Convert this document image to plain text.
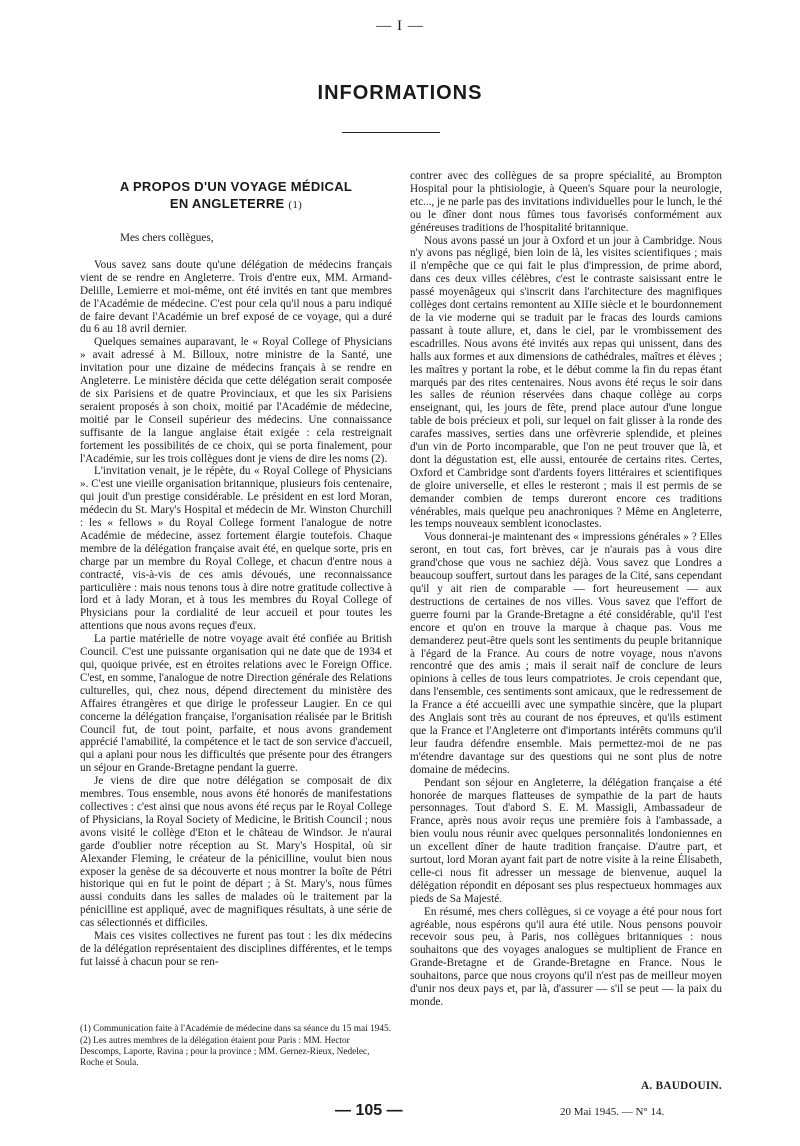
— I —
INFORMATIONS
A PROPOS D'UN VOYAGE MÉDICAL
EN ANGLETERRE (1)

Mes chers collègues,

Vous savez sans doute qu'une délégation de médecins français vient de se rendre en Angleterre. Trois d'entre eux, MM. Armand-Delille, Lemierre et moi-même, ont été invités en tant que membres de l'Académie de médecine. C'est pour cela qu'il nous a paru indiqué de faire devant l'Académie un bref exposé de ce voyage, qui a duré du 6 au 18 avril dernier.

Quelques semaines auparavant, le « Royal College of Physicians » avait adressé à M. Billoux, notre ministre de la Santé, une invitation pour une dizaine de médecins français à se rendre en Angleterre. Le ministère décida que cette délégation serait composée de six Parisiens et de quatre Provinciaux, et que les six Parisiens seraient proposés à son choix, moitié par l'Académie de médecine, moitié par le Conseil supérieur des médecins. Une connaissance suffisante de la langue anglaise était exigée : cela restreignait fortement les possibilités de ce choix, qui se porta finalement, pour l'Académie, sur les trois collègues dont je viens de dire les noms (2).

L'invitation venait, je le répète, du « Royal College of Physicians ». C'est une vieille organisation britannique, plusieurs fois centenaire, qui jouit d'un prestige considérable. Le président en est lord Moran, médecin du St. Mary's Hospital et médecin de Mr. Winston Churchill : les « fellows » du Royal College forment l'analogue de notre Académie de médecine, assez fortement élargie toutefois. Chaque membre de la délégation française avait été, en quelque sorte, pris en charge par un membre du Royal College, et chacun d'entre nous a contracté, vis-à-vis de ces amis dévoués, une reconnaissance particulière : mais nous tenons tous à dire notre gratitude collective à lord et à lady Moran, et à tous les membres du Royal College of Physicians pour la cordialité de leur accueil et pour toutes les attentions que nous avons reçues d'eux.

La partie matérielle de notre voyage avait été confiée au British Council. C'est une puissante organisation qui ne date que de 1934 et qui, quoique privée, est en étroites relations avec le Foreign Office. C'est, en somme, l'analogue de notre Direction générale des Relations culturelles, qui, chez nous, dépend directement du ministère des Affaires étrangères et que dirige le professeur Laugier. En ce qui concerne la délégation française, l'organisation réalisée par le British Council fut, de tout point, parfaite, et nous avons grandement apprécié l'amabilité, la compétence et le tact de son service d'accueil, qui a aplani pour nous les difficultés que présente pour des étrangers un séjour en Grande-Bretagne pendant la guerre.

Je viens de dire que notre délégation se composait de dix membres. Tous ensemble, nous avons été honorés de manifestations collectives : c'est ainsi que nous avons été reçus par le Royal College of Physicians, la Royal Society of Medicine, le British Council ; nous avons visité le collège d'Eton et le château de Windsor. Je n'aurai garde d'oublier notre réception au St. Mary's Hospital, où sir Alexander Fleming, le créateur de la pénicilline, voulut bien nous exposer la genèse de sa découverte et nous montrer la boîte de Pétri historique qui en fut le point de départ ; à St. Mary's, nous fûmes aussi conduits dans les salles de malades où le traitement par la pénicilline est appliqué, avec de magnifiques résultats, à une série de cas sélectionnés et difficiles.

Mais ces visites collectives ne furent pas tout : les dix médecins de la délégation représentaient des disciplines différentes, et le temps fut laissé à chacun pour se ren-

(1) Communication faite à l'Académie de médecine dans sa séance du 15 mai 1945.
(2) Les autres membres de la délégation étaient pour Paris : MM. Hector Descomps, Laporte, Ravina ; pour la province ; MM. Gernez-Rieux, Nedelec, Roche et Soula.

contrer avec des collègues de sa propre spécialité, au Brompton Hospital pour la phtisiologie, à Queen's Square pour la neurologie, etc..., je ne parle pas des invitations individuelles pour le lunch, le thé ou le dîner dont nous fûmes tous favorisés conformément aux généreuses traditions de l'hospitalité britannique.

Nous avons passé un jour à Oxford et un jour à Cambridge. Nous n'y avons pas négligé, bien loin de là, les visites scientifiques ; mais il n'empêche que ce qui fait le plus d'impression, de prime abord, dans ces deux villes célèbres, c'est le contraste saisissant entre le passé moyenâgeux qui s'inscrit dans l'architecture des magnifiques collèges dont certains remontent au XIIIe siècle et le bourdonnement de la vie moderne qui se traduit par le fracas des lourds camions passant à toute allure, et, dans le ciel, par le vrombissement des escadrilles. Nous avons été invités aux repas qui unissent, dans des halls aux formes et aux dimensions de cathédrales, maîtres et élèves ; les maîtres y portant la robe, et le début comme la fin du repas étant marqués par des rites centenaires. Nous avons été reçus le soir dans les salles de réunion réservées dans chaque collège au corps enseignant, qui, les jours de fête, prend place autour d'une longue table de bois précieux et poli, sur lequel on fait glisser à la ronde des carafes massives, serties dans une orfèvrerie splendide, et pleines d'un vin de Porto incomparable, que l'on ne peut trouver que là, et dont la dégustation est, elle aussi, entourée de certains rites. Certes, Oxford et Cambridge sont d'ardents foyers littéraires et scientifiques de gloire universelle, et elles le resteront ; mais il est permis de se demander combien de temps dureront encore ces traditions vénérables, mais quelque peu anachroniques ? Même en Angleterre, les temps nouveaux semblent iconoclastes.

Vous donnerai-je maintenant des « impressions générales » ? Elles seront, en tout cas, fort brèves, car je n'aurais pas à vous dire grand'chose que vous ne sachiez déjà. Vous savez que Londres a beaucoup souffert, surtout dans les parages de la Cité, sans cependant qu'il y ait rien de comparable — fort heureusement — aux destructions de certaines de nos villes. Vous savez que l'effort de guerre fourni par la Grande-Bretagne a été considérable, qu'il l'est encore et qu'on en trouve la marque à chaque pas. Vous me demanderez peut-être quels sont les sentiments du peuple britannique à l'égard de la France. Au cours de notre voyage, nous n'avons rencontré que des amis ; mais il serait naïf de conclure de leurs opinions à celles de tous leurs compatriotes. Je crois cependant que, dans l'ensemble, ces sentiments sont amicaux, que le redressement de la France a été accueilli avec une sympathie sincère, que la plupart des Anglais sont très au courant de nos épreuves, et qu'ils estiment que la France et l'Angleterre ont d'importants intérêts communs qu'il leur faudra défendre ensemble. Mais permettez-moi de ne pas m'étendre davantage sur des questions qui ne sont plus de notre domaine de médecins.

Pendant son séjour en Angleterre, la délégation française a été honorée de marques flatteuses de sympathie de la part de hauts personnages. Tout d'abord S. E. M. Massigli, Ambassadeur de France, après nous avoir reçus une première fois à l'ambassade, a bien voulu nous réunir avec quelques personnalités londoniennes en un excellent dîner de haute tradition française. D'autre part, et surtout, lord Moran ayant fait part de notre visite à la reine Élisabeth, celle-ci nous fit adresser un message de bienvenue, auquel la délégation répondit en déposant ses plus respectueux hommages aux pieds de Sa Majesté.

En résumé, mes chers collègues, si ce voyage a été pour nous fort agréable, nous espérons qu'il aura été utile. Nous pensons pouvoir recevoir sous peu, à Paris, nos collègues britanniques : nous souhaitons que des voyages analogues se multiplient de France en Grande-Bretagne et de Grande-Bretagne en France. Nous le souhaitons, parce que nous croyons qu'il n'est pas de meilleur moyen d'unir nos deux pays et, par là, d'assurer — s'il se peut — la paix du monde.

A. BAUDOUIN.
— 105 —	20 Mai 1945. — N° 14.
